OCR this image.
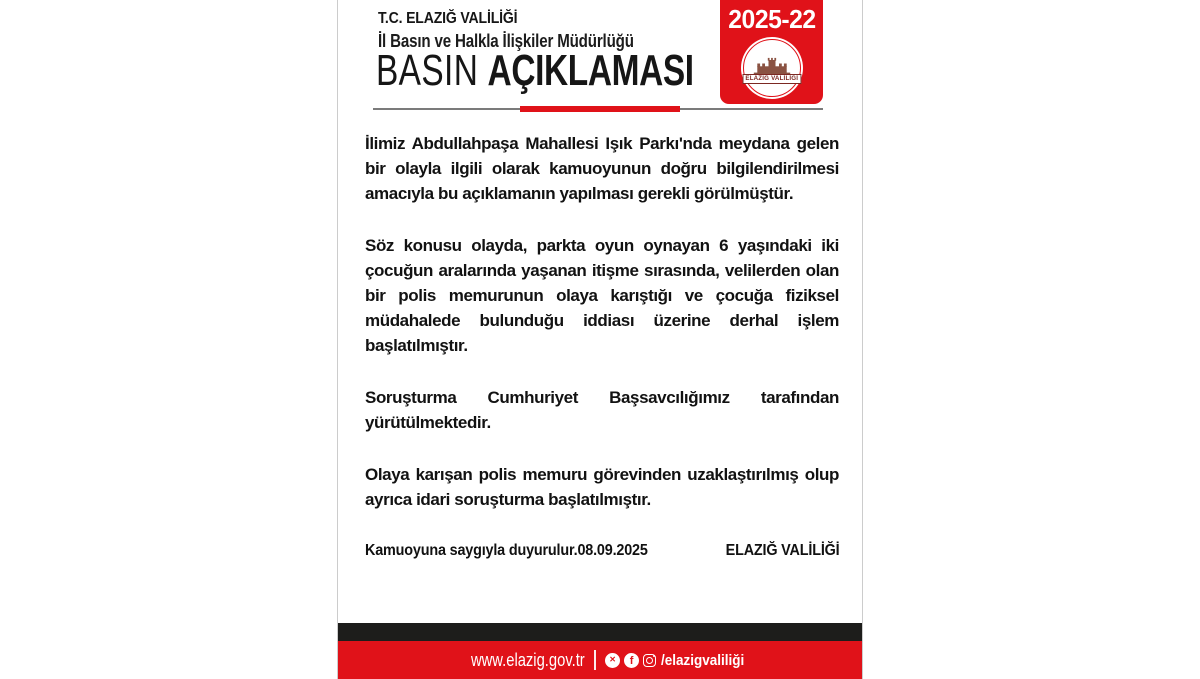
T.C. ELAZIĞ VALİLİĞİ
İl Basın ve Halkla İlişkiler Müdürlüğü
BASIN AÇIKLAMASI
2025-22
ELAZIĞ VALİLİĞİ

İlimiz Abdullahpaşa Mahallesi Işık Parkı'nda meydana gelen bir olayla ilgili olarak kamuoyunun doğru bilgilendirilmesi amacıyla bu açıklamanın yapılması gerekli görülmüştür.

Söz konusu olayda, parkta oyun oynayan 6 yaşındaki iki çocuğun aralarında yaşanan itişme sırasında, velilerden olan bir polis memurunun olaya karıştığı ve çocuğa fiziksel müdahalede bulunduğu iddiası üzerine derhal işlem başlatılmıştır.

Soruşturma Cumhuriyet Başsavcılığımız tarafından yürütülmektedir.

Olaya karışan polis memuru görevinden uzaklaştırılmış olup ayrıca idari soruşturma başlatılmıştır.

Kamuoyuna saygıyla duyurulur.08.09.2025	ELAZIĞ VALİLİĞİ
www.elazig.gov.tr	✕ f /elazigvaliliği
